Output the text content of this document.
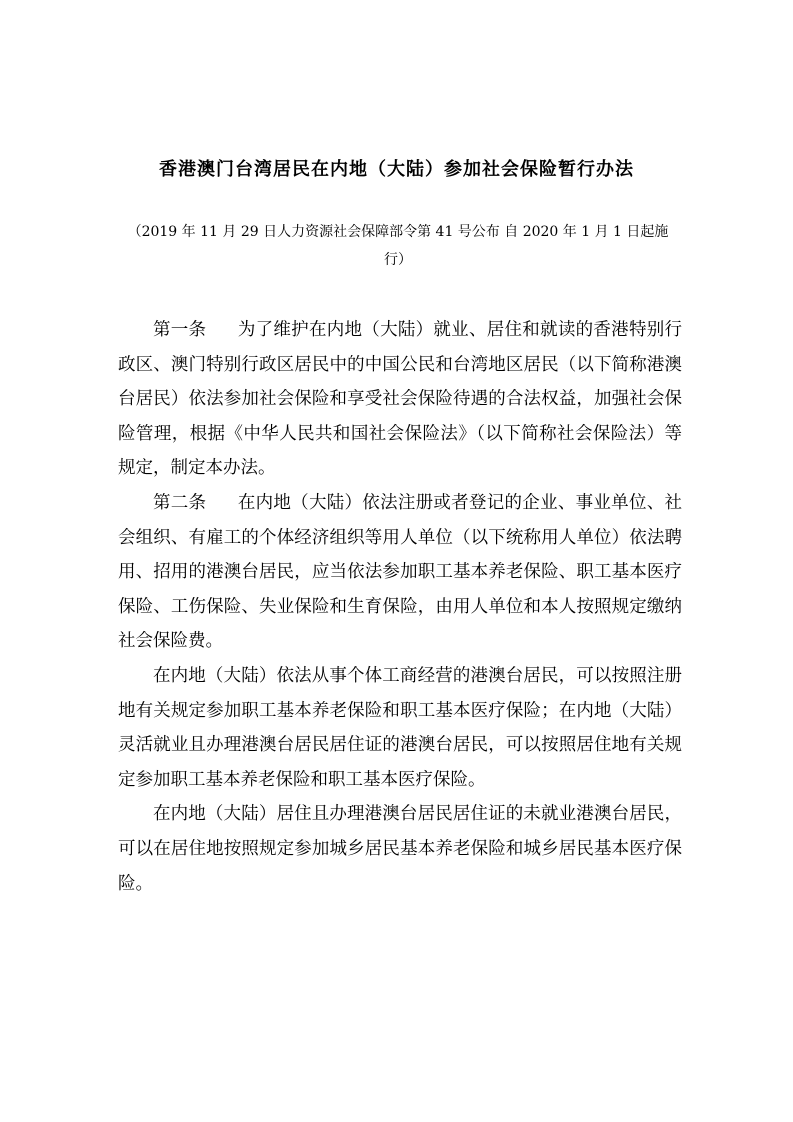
香港澳门台湾居民在内地（大陆）参加社会保险暂行办法
（2019 年 11 月 29 日人力资源社会保障部令第 41 号公布 自 2020 年 1 月 1 日起施行）

第一条 为了维护在内地（大陆）就业、居住和就读的香港特别行政区、澳门特别行政区居民中的中国公民和台湾地区居民（以下简称港澳台居民）依法参加社会保险和享受社会保险待遇的合法权益，加强社会保险管理，根据《中华人民共和国社会保险法》（以下简称社会保险法）等规定，制定本办法。

第二条 在内地（大陆）依法注册或者登记的企业、事业单位、社会组织、有雇工的个体经济组织等用人单位（以下统称用人单位）依法聘用、招用的港澳台居民，应当依法参加职工基本养老保险、职工基本医疗保险、工伤保险、失业保险和生育保险，由用人单位和本人按照规定缴纳社会保险费。

在内地（大陆）依法从事个体工商经营的港澳台居民，可以按照注册地有关规定参加职工基本养老保险和职工基本医疗保险；在内地（大陆）灵活就业且办理港澳台居民居住证的港澳台居民，可以按照居住地有关规定参加职工基本养老保险和职工基本医疗保险。

在内地（大陆）居住且办理港澳台居民居住证的未就业港澳台居民，可以在居住地按照规定参加城乡居民基本养老保险和城乡居民基本医疗保险。
